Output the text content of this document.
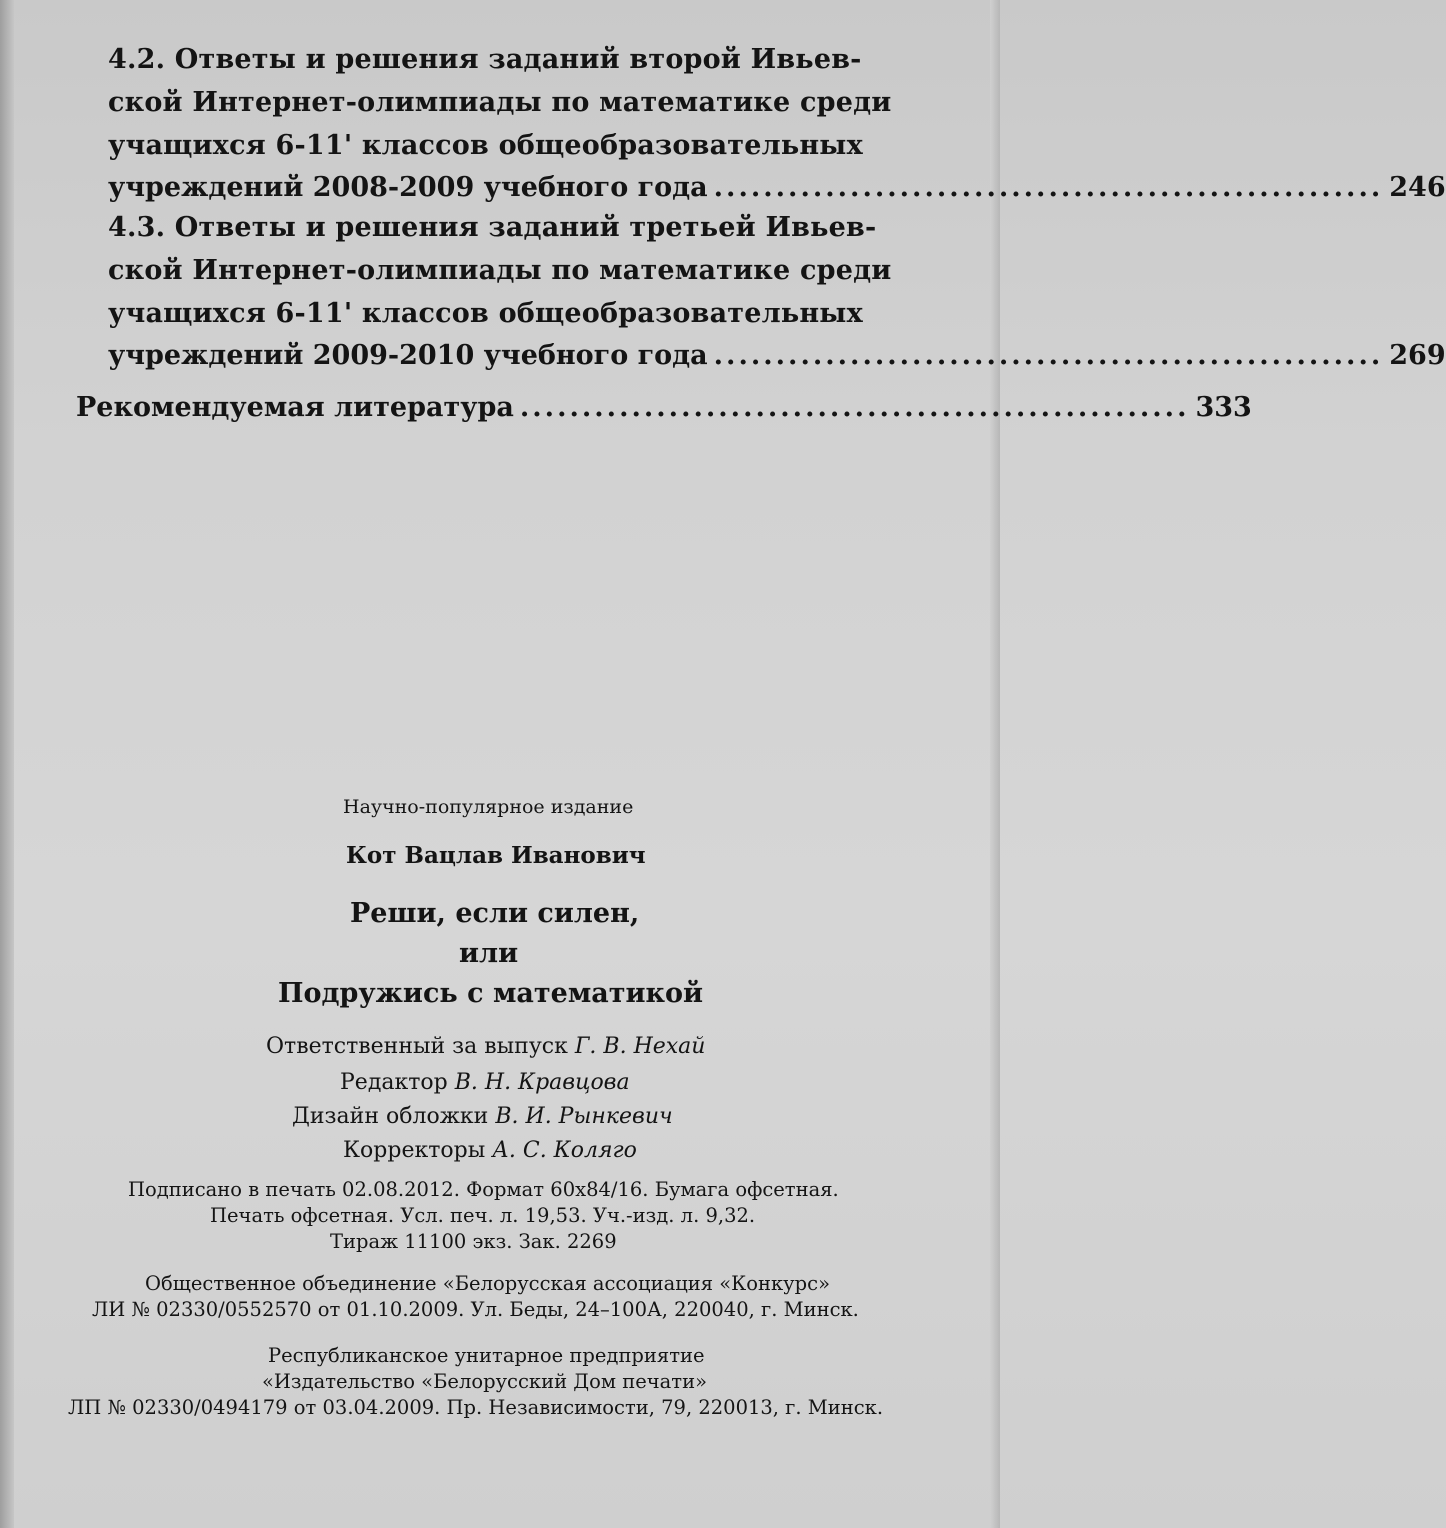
4.2. Ответы и решения заданий второй Ивьев-
ской Интернет-олимпиады по математике среди
учащихся 6-11' классов общеобразовательных
учреждений 2008-2009 учебного года ...................................................... 246
4.3. Ответы и решения заданий третьей Ивьев-
ской Интернет-олимпиады по математике среди
учащихся 6-11' классов общеобразовательных
учреждений 2009-2010 учебного года ...................................................... 269
Рекомендуемая литература ...................................................... 333
Научно-популярное издание
Кот Вацлав Иванович
Реши, если силен,
или
Подружись с математикой
Ответственный за выпуск Г. В. Нехай
Редактор В. Н. Кравцова
Дизайн обложки В. И. Рынкевич
Корректоры А. С. Коляго
Подписано в печать 02.08.2012. Формат 60x84/16. Бумага офсетная.
Печать офсетная. Усл. печ. л. 19,53. Уч.-изд. л. 9,32.
Тираж 11100 экз. Зак. 2269
Общественное объединение «Белорусская ассоциация «Конкурс»
ЛИ № 02330/0552570 от 01.10.2009. Ул. Беды, 24–100А, 220040, г. Минск.
Республиканское унитарное предприятие
«Издательство «Белорусский Дом печати»
ЛП № 02330/0494179 от 03.04.2009. Пр. Независимости, 79, 220013, г. Минск.
